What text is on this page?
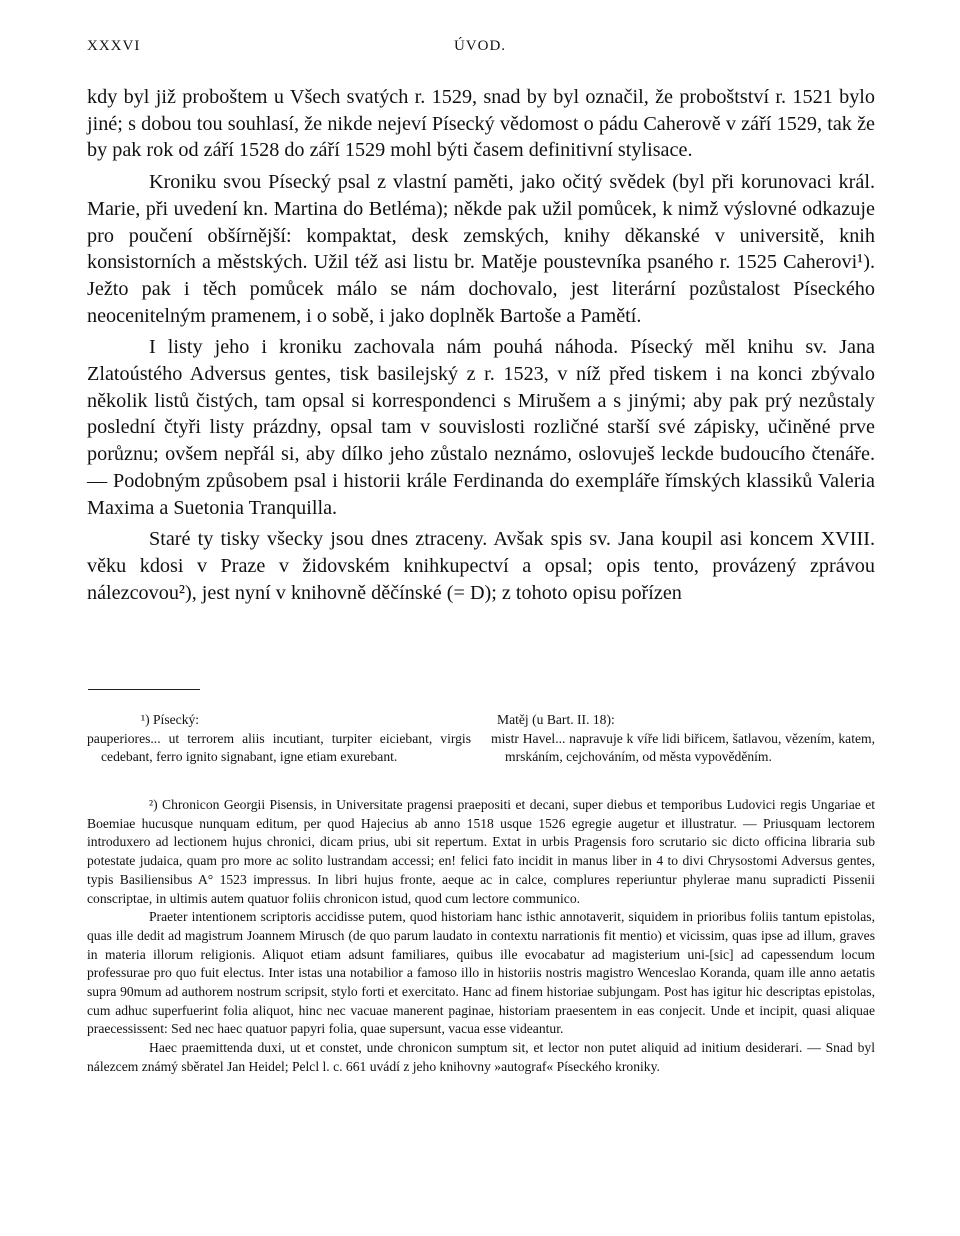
XXXVI	ÚVOD.

kdy byl již proboštem u Všech svatých r. 1529, snad by byl označil, že proboštství r. 1521 bylo jiné; s dobou tou souhlasí, že nikde nejeví Písecký vědomost o pádu Caherově v září 1529, tak že by pak rok od září 1528 do září 1529 mohl býti časem definitivní stylisace.

Kroniku svou Písecký psal z vlastní paměti, jako očitý svědek (byl při korunovaci král. Marie, při uvedení kn. Martina do Betléma); někde pak užil pomůcek, k nimž výslovné odkazuje pro poučení obšírnější: kompaktat, desk zemských, knihy děkanské v universitě, knih konsistorních a městských. Užil též asi listu br. Matěje poustevníka psaného r. 1525 Caherovi¹). Ježto pak i těch pomůcek málo se nám dochovalo, jest literární pozůstalost Píseckého neocenitelným pramenem, i o sobě, i jako doplněk Bartoše a Pamětí.

I listy jeho i kroniku zachovala nám pouhá náhoda. Písecký měl knihu sv. Jana Zlatoústého Adversus gentes, tisk basilejský z r. 1523, v níž před tiskem i na konci zbývalo několik listů čistých, tam opsal si korrespondenci s Mirušem a s jinými; aby pak prý nezůstaly poslední čtyři listy prázdny, opsal tam v souvislosti rozličné starší své zápisky, učiněné prve porůznu; ovšem nepřál si, aby dílko jeho zůstalo neznámo, oslovuješ leckde budoucího čtenáře. — Podobným způsobem psal i historii krále Ferdinanda do exempláře římských klassiků Valeria Maxima a Suetonia Tranquilla.

Staré ty tisky všecky jsou dnes ztraceny. Avšak spis sv. Jana koupil asi koncem XVIII. věku kdosi v Praze v židovském knihkupectví a opsal; opis tento, provázený zprávou nálezcovou²), jest nyní v knihovně děčínské (= D); z tohoto opisu pořízen

¹) Písecký:

pauperiores... ut terrorem aliis incutiant, turpiter eiciebant, virgis cedebant, ferro ignito signabant, igne etiam exurebant.

Matěj (u Bart. II. 18):

mistr Havel... napravuje k víře lidi biřicem, šatlavou, vězením, katem, mrskáním, cejchováním, od města vypověděním.

²) Chronicon Georgii Pisensis, in Universitate pragensi praepositi et decani, super diebus et temporibus Ludovici regis Ungariae et Boemiae hucusque nunquam editum, per quod Hajecius ab anno 1518 usque 1526 egregie augetur et illustratur. — Priusquam lectorem introduxero ad lectionem hujus chronici, dicam prius, ubi sit repertum. Extat in urbis Pragensis foro scrutario sic dicto officina libraria sub potestate judaica, quam pro more ac solito lustrandam accessi; en! felici fato incidit in manus liber in 4 to divi Chrysostomi Adversus gentes, typis Basiliensibus A° 1523 impressus. In libri hujus fronte, aeque ac in calce, complures reperiuntur phylerae manu supradicti Pissenii conscriptae, in ultimis autem quatuor foliis chronicon istud, quod cum lectore communico.

Praeter intentionem scriptoris accidisse putem, quod historiam hanc isthic annotaverit, siquidem in prioribus foliis tantum epistolas, quas ille dedit ad magistrum Joannem Mirusch (de quo parum laudato in contextu narrationis fit mentio) et vicissim, quas ipse ad illum, graves in materia illorum religionis. Aliquot etiam adsunt familiares, quibus ille evocabatur ad magisterium uni-[sic] ad capessendum locum professurae pro quo fuit electus. Inter istas una notabilior a famoso illo in historiis nostris magistro Wenceslao Koranda, quam ille anno aetatis supra 90mum ad authorem nostrum scripsit, stylo forti et exercitato. Hanc ad finem historiae subjungam. Post has igitur hic descriptas epistolas, cum adhuc superfuerint folia aliquot, hinc nec vacuae manerent paginae, historiam praesentem in eas conjecit. Unde et incipit, quasi aliquae praecessissent: Sed nec haec quatuor papyri folia, quae supersunt, vacua esse videantur.

Haec praemittenda duxi, ut et constet, unde chronicon sumptum sit, et lector non putet aliquid ad initium desiderari. — Snad byl nálezcem známý sběratel Jan Heidel; Pelcl l. c. 661 uvádí z jeho knihovny »autograf« Píseckého kroniky.
